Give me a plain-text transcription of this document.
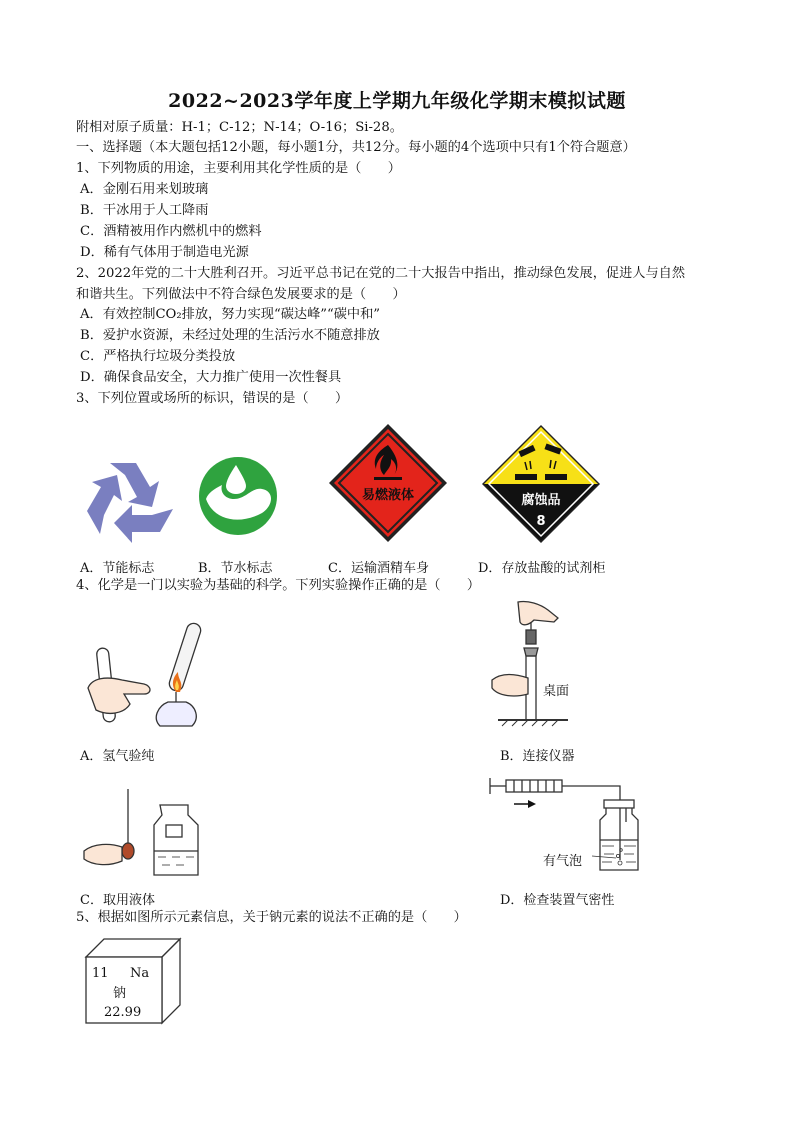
2022~2023学年度上学期九年级化学期末模拟试题
附相对原子质量：H-1；C-12；N-14；O-16；Si-28。
一、选择题（本大题包括12小题，每小题1分，共12分。每小题的4个选项中只有1个符合题意）
1、下列物质的用途，主要利用其化学性质的是（　　）
A．金刚石用来划玻璃
B．干冰用于人工降雨
C．酒精被用作内燃机中的燃料
D．稀有气体用于制造电光源
2、2022年党的二十大胜利召开。习近平总书记在党的二十大报告中指出，推动绿色发展，促进人与自然
和谐共生。下列做法中不符合绿色发展要求的是（　　）
A．有效控制CO₂排放，努力实现“碳达峰”“碳中和”
B．爱护水资源，未经过处理的生活污水不随意排放
C．严格执行垃圾分类投放
D．确保食品安全，大力推广使用一次性餐具
3、下列位置或场所的标识，错误的是（　　）
易燃液体	腐蚀品
8
A．节能标志	B．节水标志	C．运输酒精车身	D．存放盐酸的试剂柜
4、化学是一门以实验为基础的科学。下列实验操作正确的是（　　）
A．氢气验纯
桌面
B．连接仪器
C．取用液体
有气泡
D．检查装置气密性
5、根据如图所示元素信息，关于钠元素的说法不正确的是（　　）
11 Na
钠
22.99
